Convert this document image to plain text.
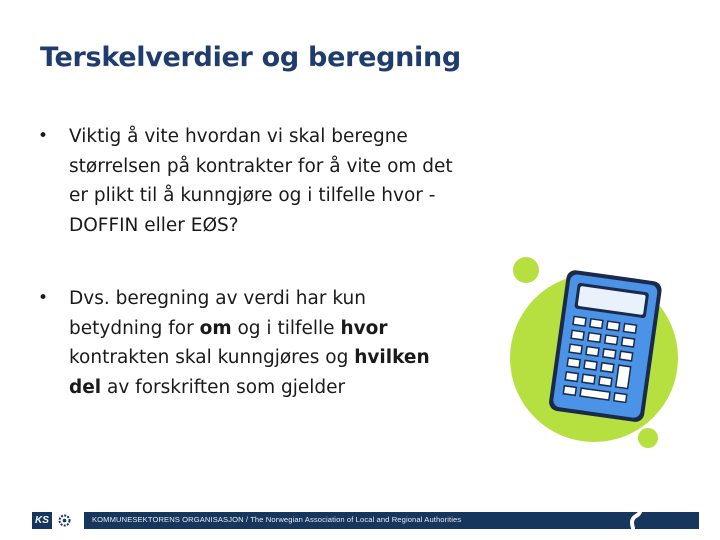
Terskelverdier og beregning
• Viktig å vite hvordan vi skal beregne størrelsen på kontrakter for å vite om det er plikt til å kunngjøre og i tilfelle hvor - DOFFIN eller EØS?
• Dvs. beregning av verdi har kun betydning for om og i tilfelle hvor kontrakten skal kunngjøres og hvilken del av forskriften som gjelder
KS	KOMMUNESEKTORENS ORGANISASJON / The Norwegian Association of Local and Regional Authorities
